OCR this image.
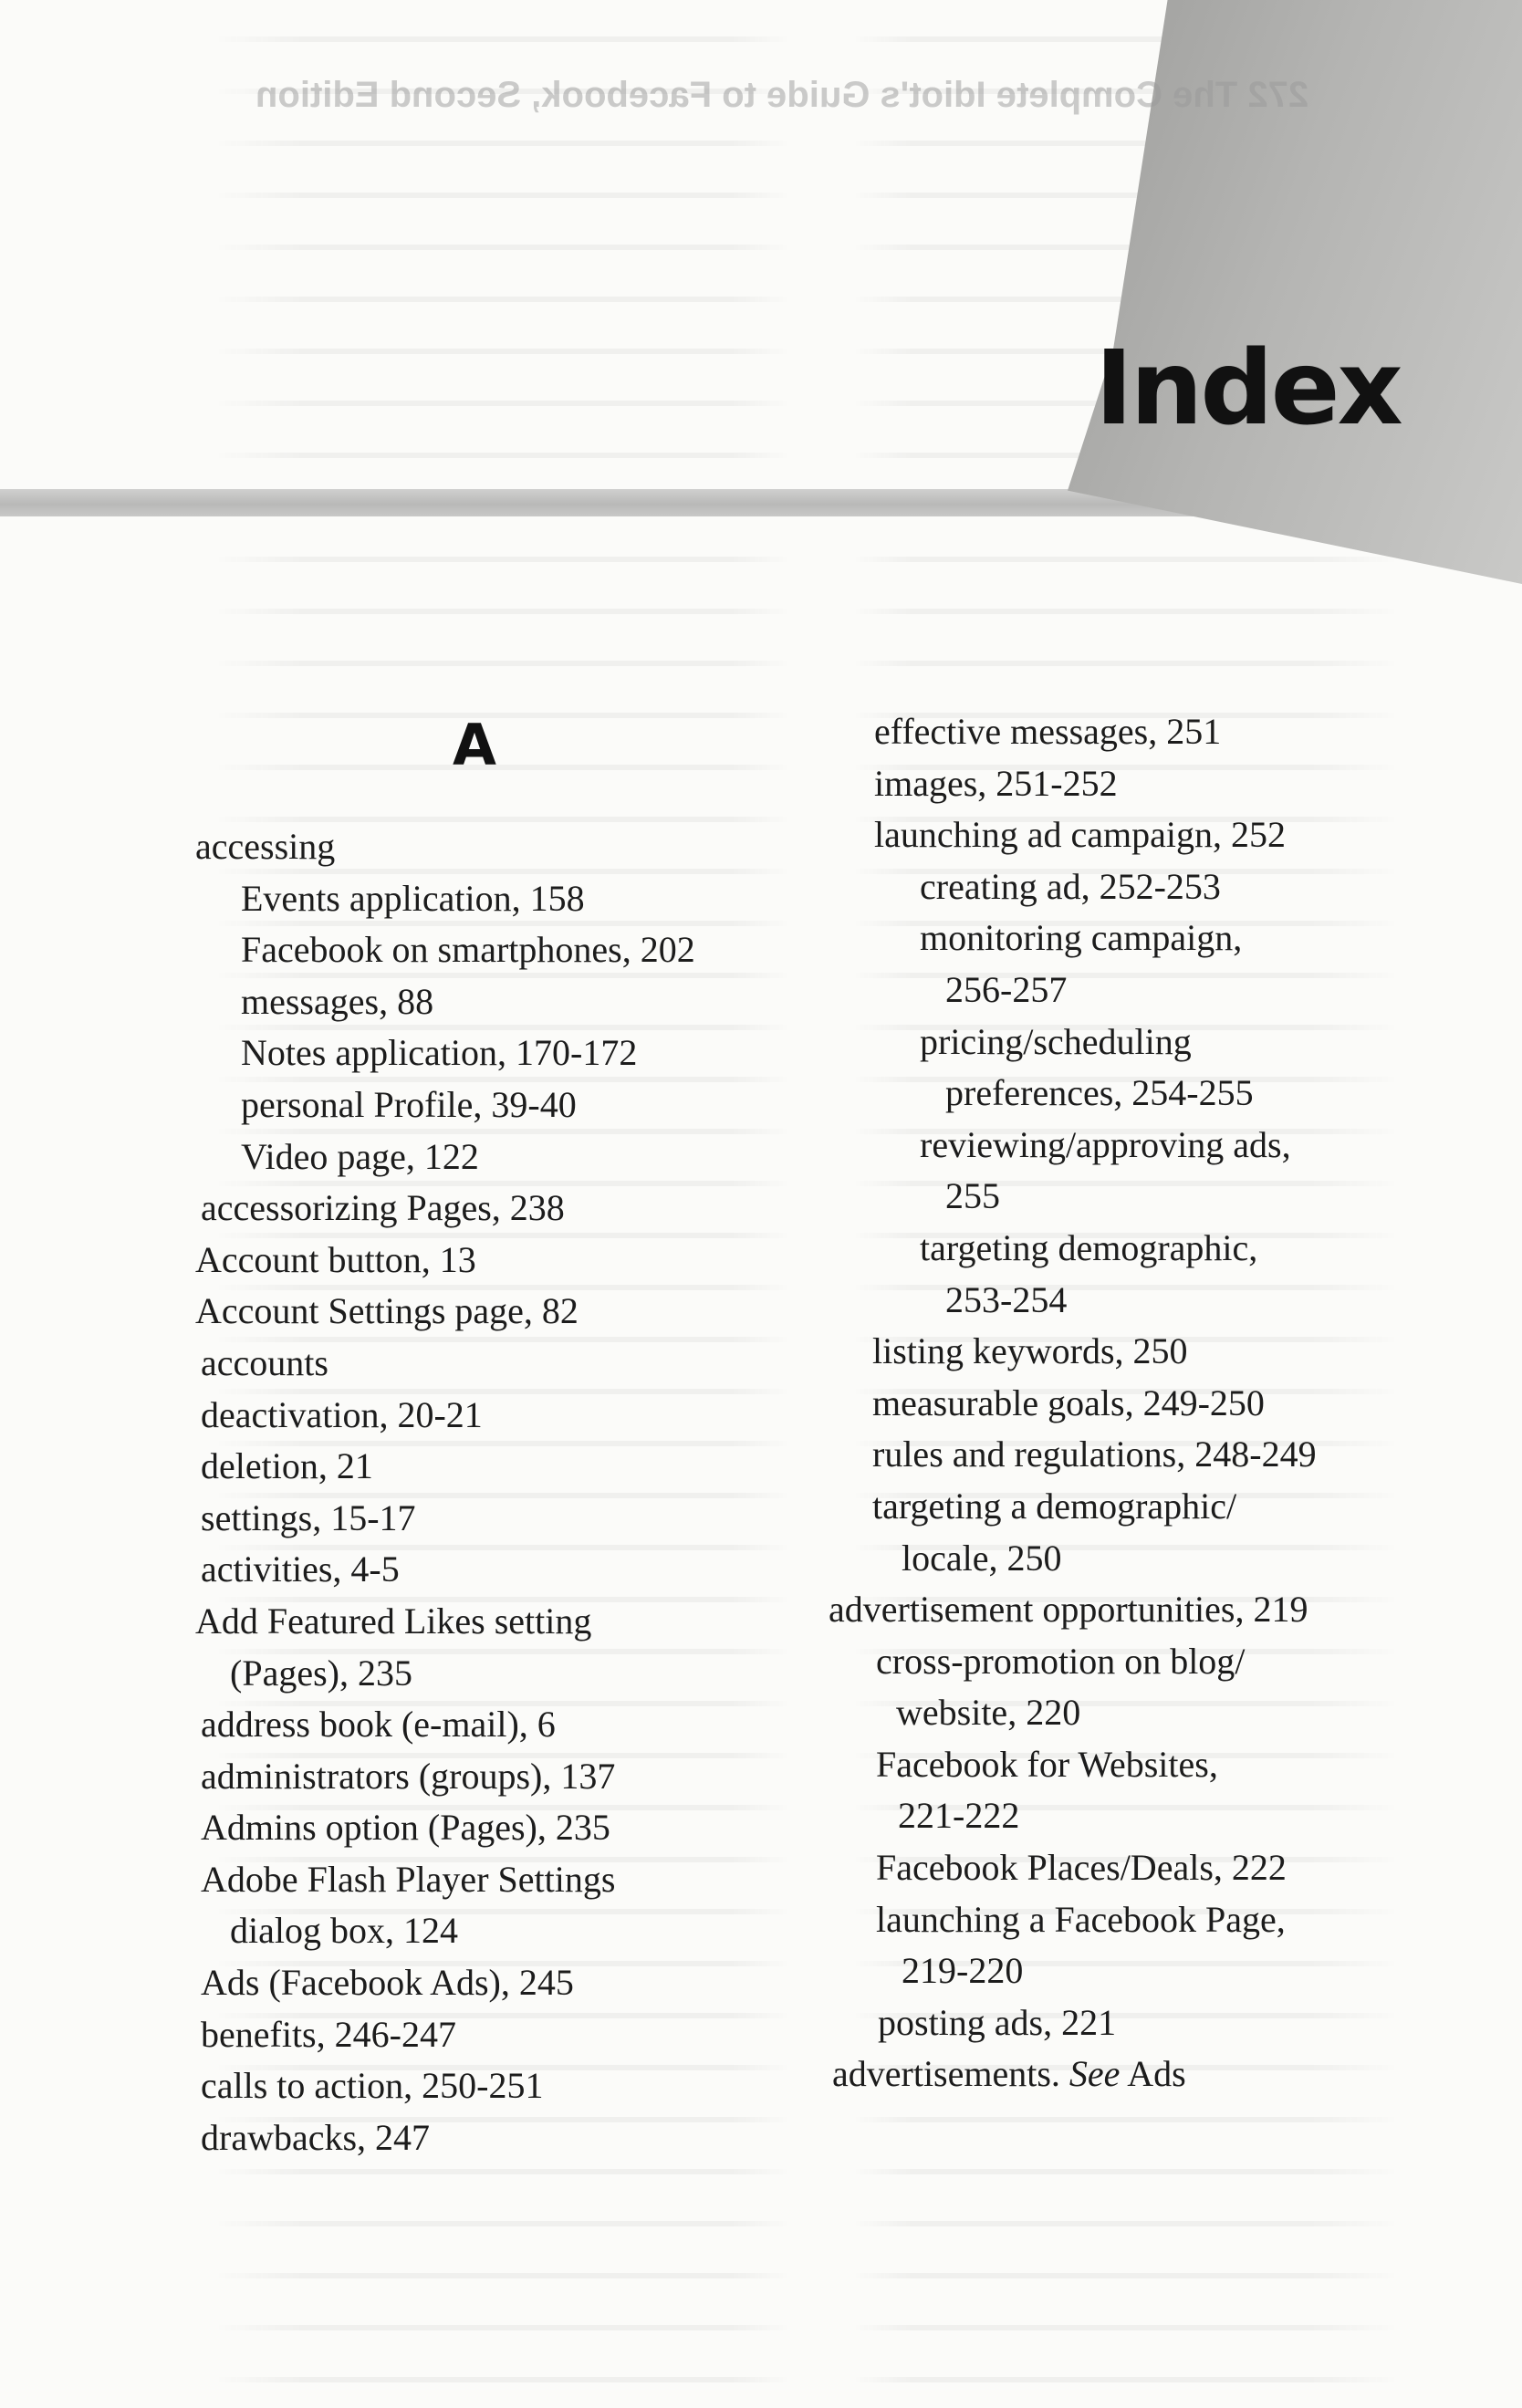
272 The Complete Idiot's Guide to Facebook, Second Edition
Index
A
accessing
Events application, 158
Facebook on smartphones, 202
messages, 88
Notes application, 170-172
personal Profile, 39-40
Video page, 122
accessorizing Pages, 238
Account button, 13
Account Settings page, 82
accounts
deactivation, 20-21
deletion, 21
settings, 15-17
activities, 4-5
Add Featured Likes setting
(Pages), 235
address book (e-mail), 6
administrators (groups), 137
Admins option (Pages), 235
Adobe Flash Player Settings
dialog box, 124
Ads (Facebook Ads), 245
benefits, 246-247
calls to action, 250-251
drawbacks, 247
effective messages, 251
images, 251-252
launching ad campaign, 252
creating ad, 252-253
monitoring campaign,
256-257
pricing/scheduling
preferences, 254-255
reviewing/approving ads,
255
targeting demographic,
253-254
listing keywords, 250
measurable goals, 249-250
rules and regulations, 248-249
targeting a demographic/
locale, 250
advertisement opportunities, 219
cross-promotion on blog/
website, 220
Facebook for Websites,
221-222
Facebook Places/Deals, 222
launching a Facebook Page,
219-220
posting ads, 221
advertisements. See Ads
